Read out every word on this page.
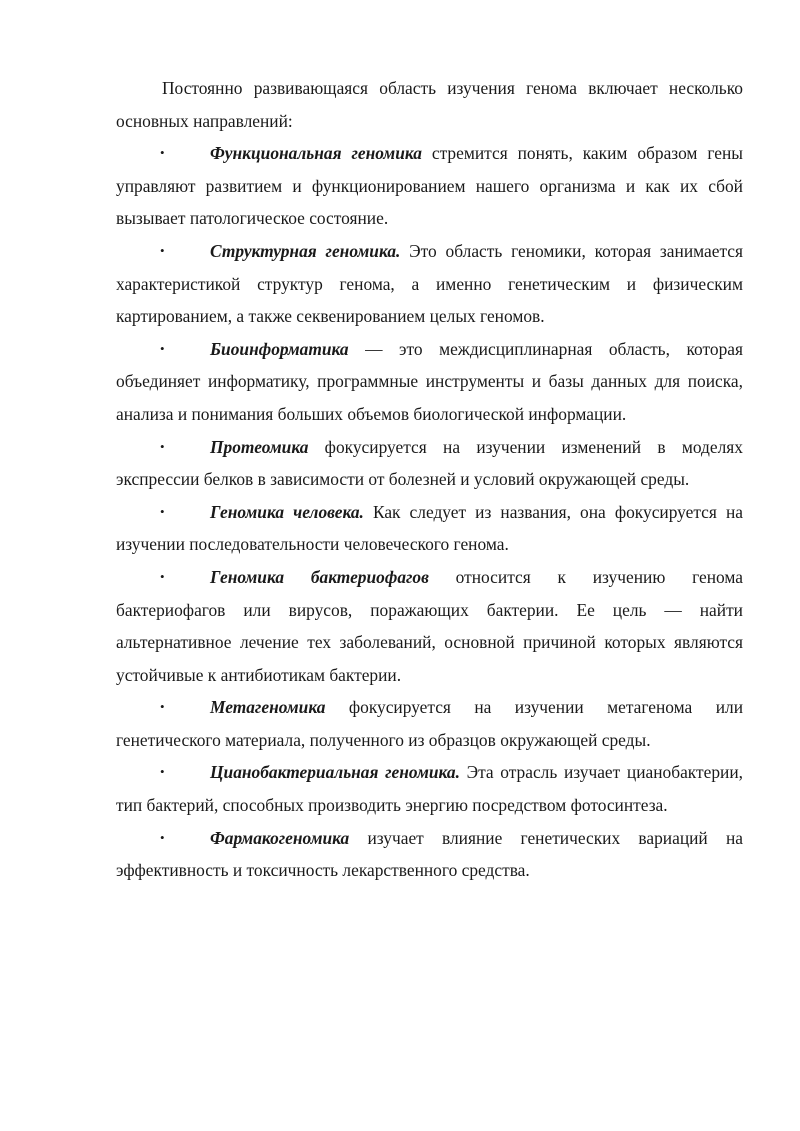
Постоянно развивающаяся область изучения генома включает несколько основных направлений:

•	Функциональная геномика стремится понять, каким образом гены управляют развитием и функционированием нашего организма и как их сбой вызывает патологическое состояние.

•	Структурная геномика. Это область геномики, которая занимается характеристикой структур генома, а именно генетическим и физическим картированием, а также секвенированием целых геномов.

•	Биоинформатика — это междисциплинарная область, которая объединяет информатику, программные инструменты и базы данных для поиска, анализа и понимания больших объемов биологической информации.

•	Протеомика фокусируется на изучении изменений в моделях экспрессии белков в зависимости от болезней и условий окружающей среды.

•	Геномика человека. Как следует из названия, она фокусируется на изучении последовательности человеческого генома.

•	Геномика бактериофагов относится к изучению генома бактериофагов или вирусов, поражающих бактерии. Ее цель — найти альтернативное лечение тех заболеваний, основной причиной которых являются устойчивые к антибиотикам бактерии.

•	Метагеномика фокусируется на изучении метагенома или генетического материала, полученного из образцов окружающей среды.

•	Цианобактериальная геномика. Эта отрасль изучает цианобактерии, тип бактерий, способных производить энергию посредством фотосинтеза.

•	Фармакогеномика изучает влияние генетических вариаций на эффективность и токсичность лекарственного средства.
